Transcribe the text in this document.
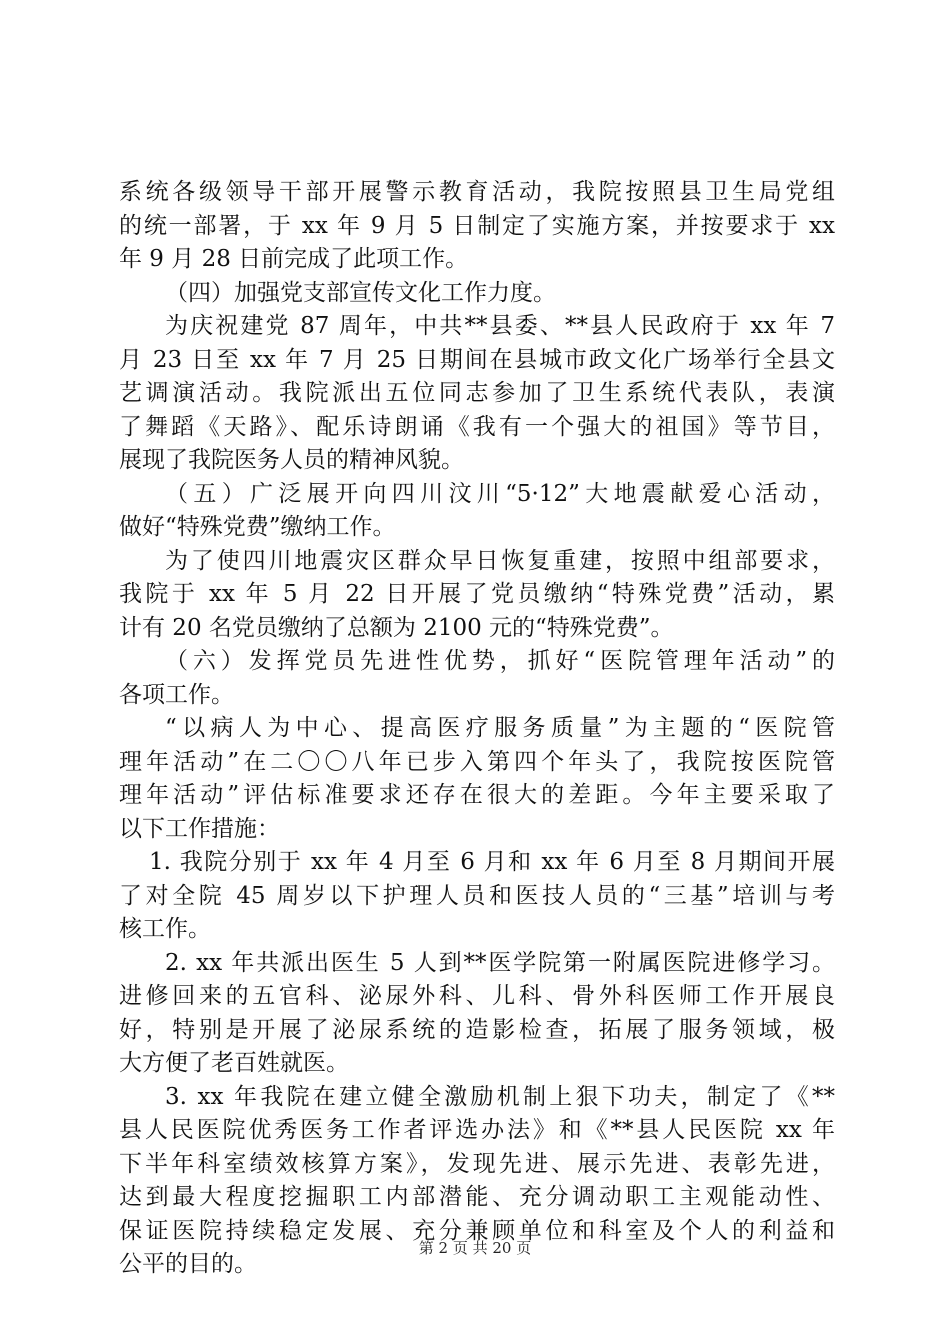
系统各级领导干部开展警示教育活动，我院按照县卫生局党组
的统一部署，于 xx 年 9 月 5 日制定了实施方案，并按要求于 xx
年 9 月 28 日前完成了此项工作。
（四）加强党支部宣传文化工作力度。
为庆祝建党 87 周年，中共**县委、**县人民政府于 xx 年 7
月 23 日至 xx 年 7 月 25 日期间在县城市政文化广场举行全县文
艺调演活动。我院派出五位同志参加了卫生系统代表队，表演
了舞蹈《天路》、配乐诗朗诵《我有一个强大的祖国》等节目，
展现了我院医务人员的精神风貌。
（五）广泛展开向四川汶川“5·12”大地震献爱心活动，
做好“特殊党费”缴纳工作。
为了使四川地震灾区群众早日恢复重建，按照中组部要求，
我院于 xx 年 5 月 22 日开展了党员缴纳“特殊党费”活动，累
计有 20 名党员缴纳了总额为 2100 元的“特殊党费”。
（六）发挥党员先进性优势，抓好“医院管理年活动”的
各项工作。
“以病人为中心、提高医疗服务质量”为主题的“医院管
理年活动”在二〇〇八年已步入第四个年头了，我院按医院管
理年活动”评估标准要求还存在很大的差距。今年主要采取了
以下工作措施：
1. 我院分别于 xx 年 4 月至 6 月和 xx 年 6 月至 8 月期间开展
了对全院 45 周岁以下护理人员和医技人员的“三基”培训与考
核工作。
2. xx 年共派出医生 5 人到**医学院第一附属医院进修学习。
进修回来的五官科、泌尿外科、儿科、骨外科医师工作开展良
好，特别是开展了泌尿系统的造影检查，拓展了服务领域，极
大方便了老百姓就医。
3. xx 年我院在建立健全激励机制上狠下功夫，制定了《**
县人民医院优秀医务工作者评选办法》和《**县人民医院 xx 年
下半年科室绩效核算方案》，发现先进、展示先进、表彰先进，
达到最大程度挖掘职工内部潜能、充分调动职工主观能动性、
保证医院持续稳定发展、充分兼顾单位和科室及个人的利益和
公平的目的。
第 2 页 共 20 页
